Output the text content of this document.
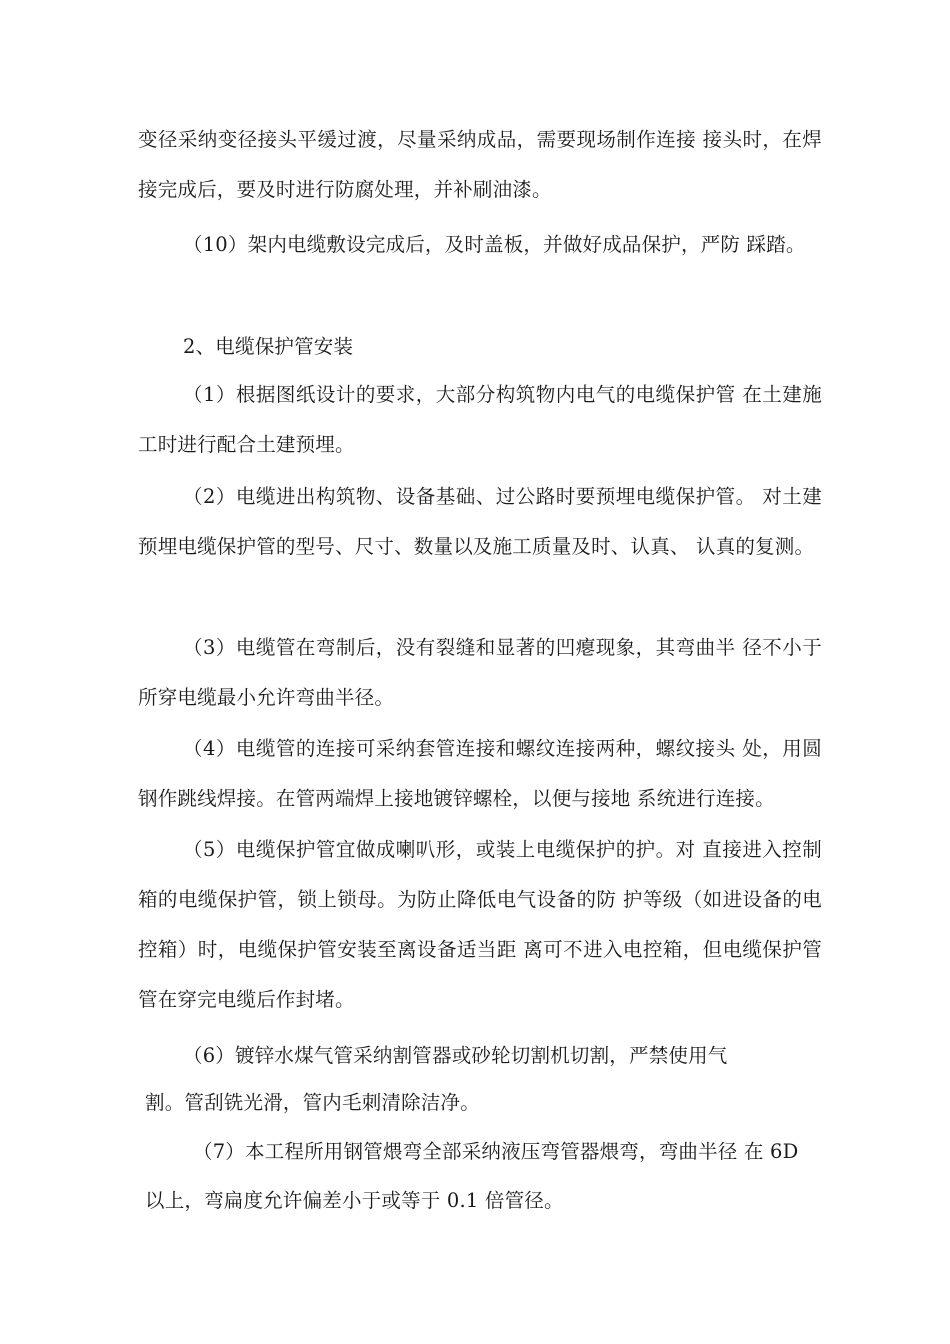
变径采纳变径接头平缓过渡，尽量采纳成品，需要现场制作连接 接头时，在焊接完成后，要及时进行防腐处理，并补刷油漆。

（10）架内电缆敷设完成后，及时盖板，并做好成品保护，严防 踩踏。

2、电缆保护管安装

（1）根据图纸设计的要求，大部分构筑物内电气的电缆保护管 在土建施工时进行配合土建预埋。

（2）电缆进出构筑物、设备基础、过公路时要预埋电缆保护管。 对土建预埋电缆保护管的型号、尺寸、数量以及施工质量及时、认真、 认真的复测。

（3）电缆管在弯制后，没有裂缝和显著的凹瘪现象，其弯曲半 径不小于所穿电缆最小允许弯曲半径。

（4）电缆管的连接可采纳套管连接和螺纹连接两种，螺纹接头 处，用圆钢作跳线焊接。在管两端焊上接地镀锌螺栓，以便与接地 系统进行连接。

（5）电缆保护管宜做成喇叭形，或装上电缆保护的护。对 直接进入控制箱的电缆保护管，锁上锁母。为防止降低电气设备的防 护等级（如进设备的电控箱）时，电缆保护管安装至离设备适当距 离可不进入电控箱，但电缆保护管管在穿完电缆后作封堵。

（6）镀锌水煤气管采纳割管器或砂轮切割机切割，严禁使用气

割。管刮铣光滑，管内毛刺清除洁净。

（7）本工程所用钢管煨弯全部采纳液压弯管器煨弯，弯曲半径 在 6D

以上，弯扁度允许偏差小于或等于 0.1 倍管径。
